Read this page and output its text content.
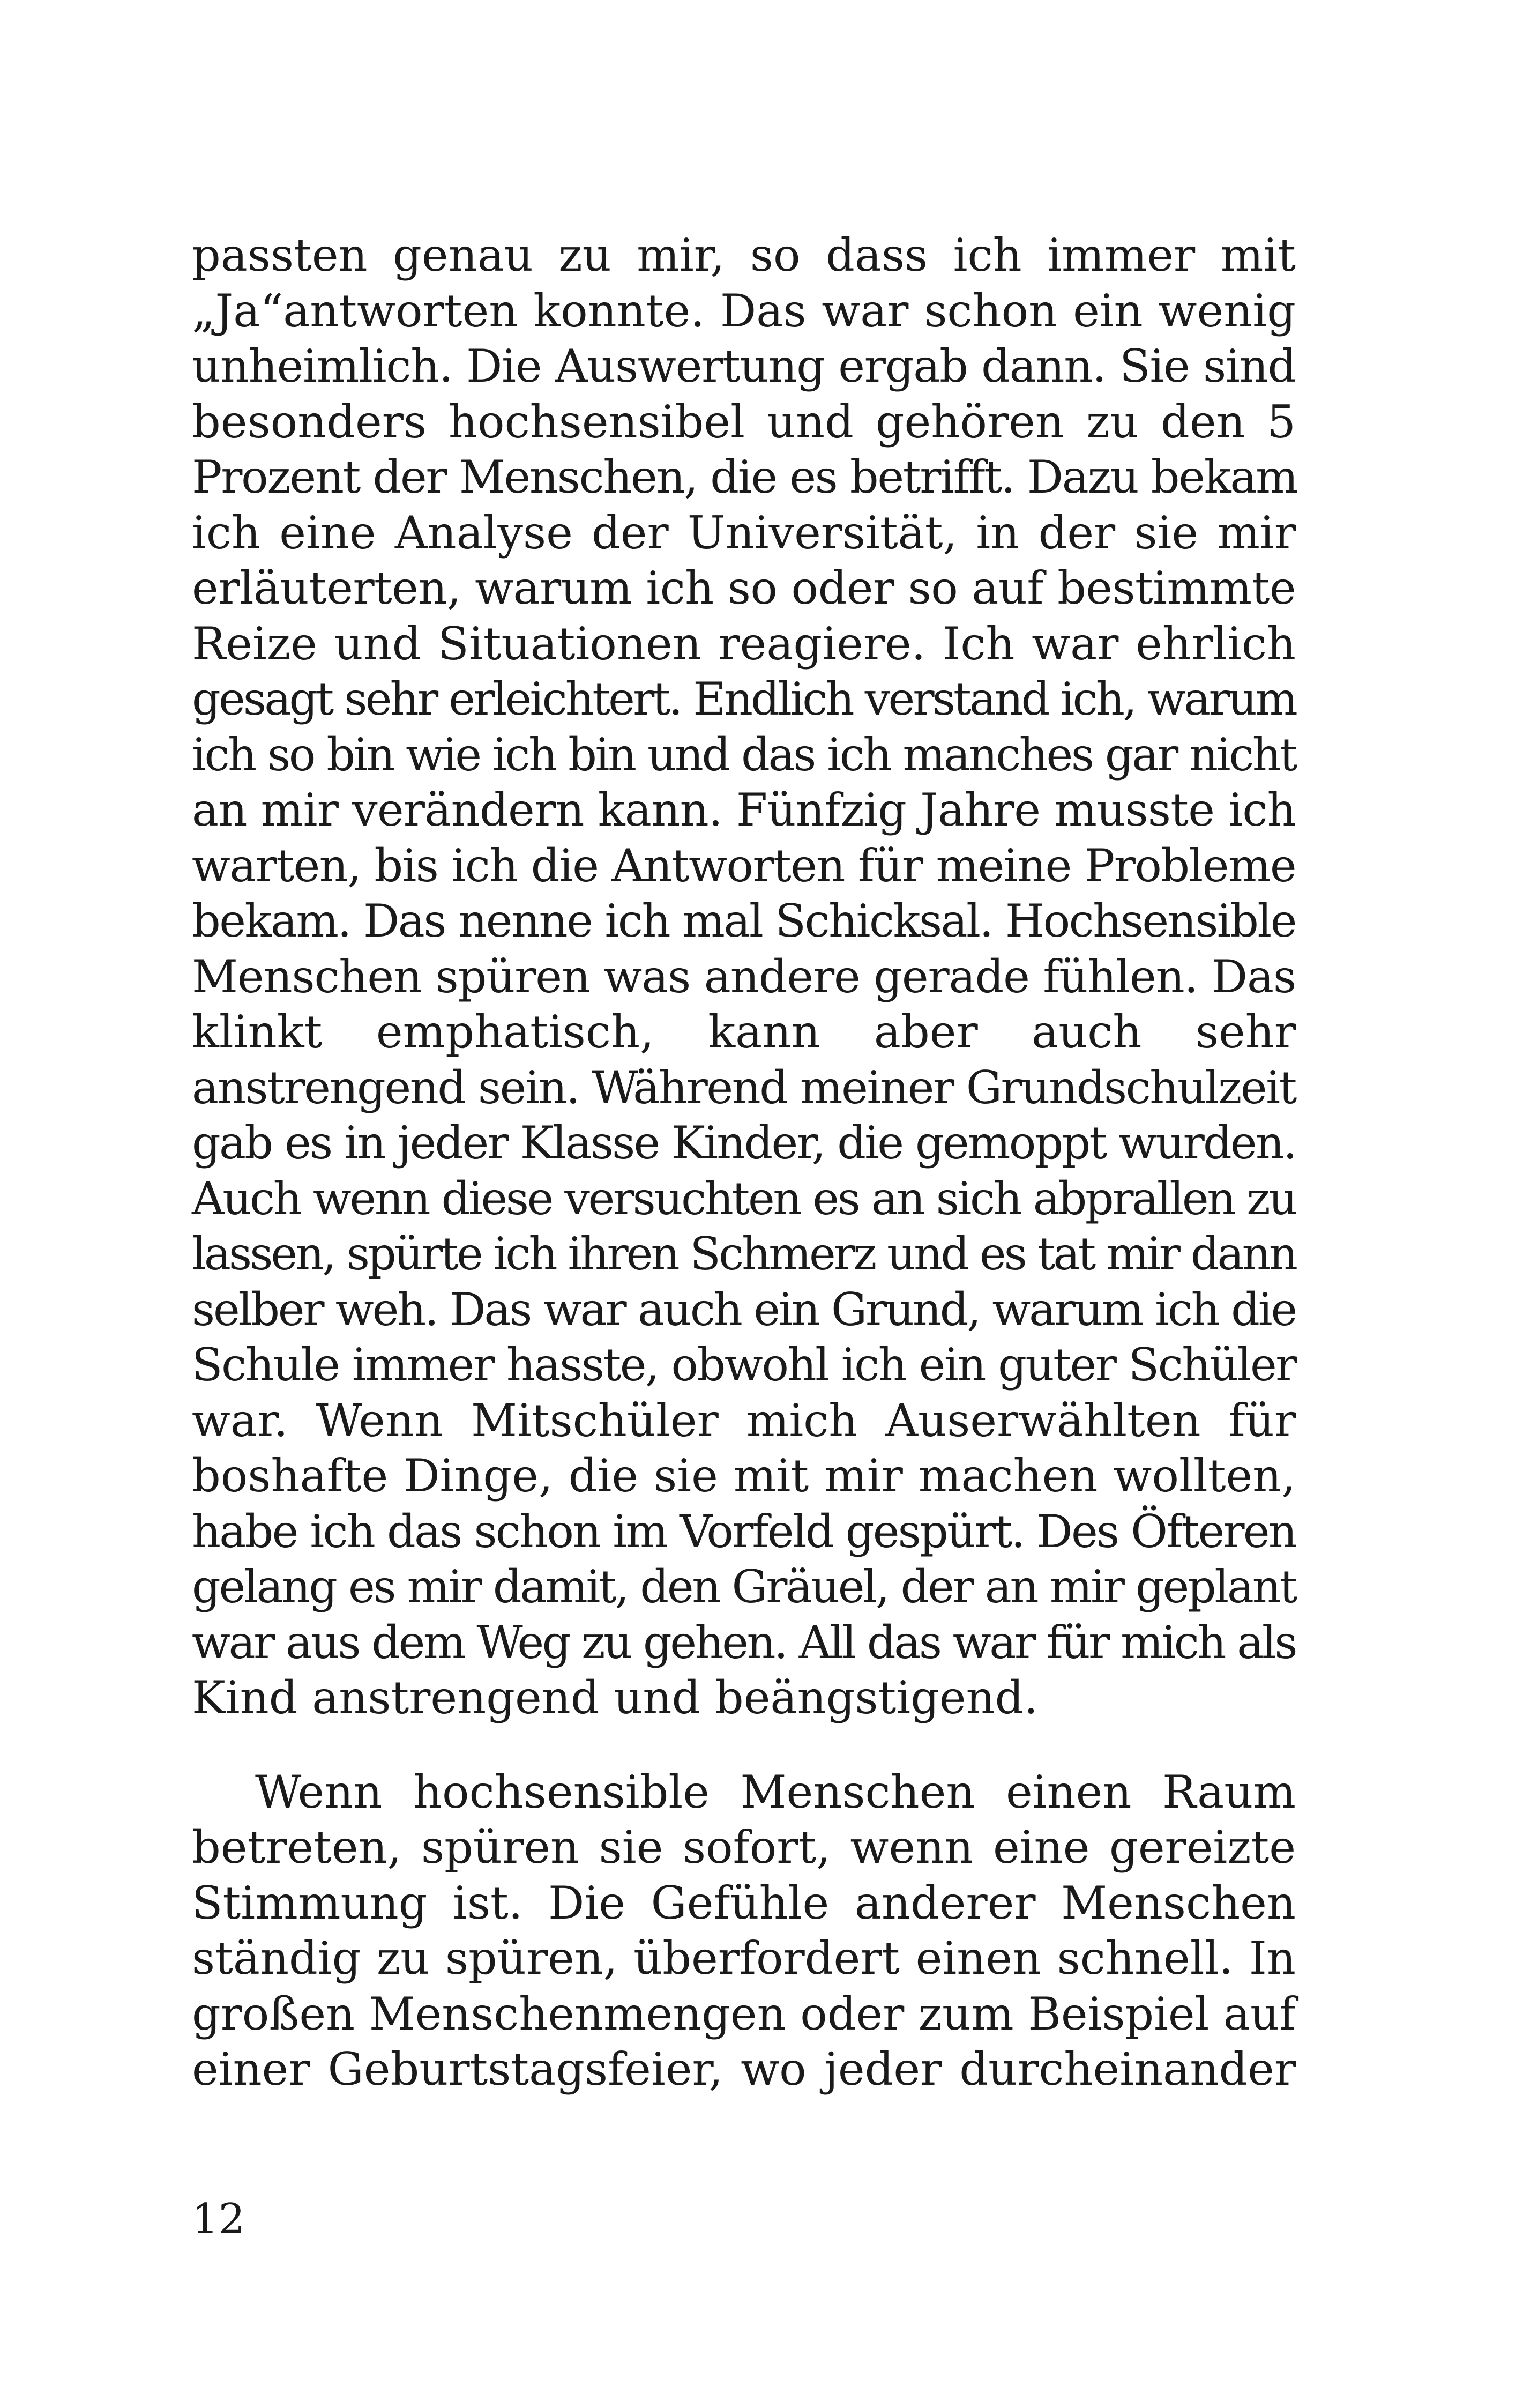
passten genau zu mir, so dass ich immer mit
„Ja“antworten konnte. Das war schon ein wenig
unheimlich. Die Auswertung ergab dann. Sie sind
besonders hochsensibel und gehören zu den 5
Prozent der Menschen, die es betrifft. Dazu bekam
ich eine Analyse der Universität, in der sie mir
erläuterten, warum ich so oder so auf bestimmte
Reize und Situationen reagiere. Ich war ehrlich
gesagt sehr erleichtert. Endlich verstand ich, warum
ich so bin wie ich bin und das ich manches gar nicht
an mir verändern kann. Fünfzig Jahre musste ich
warten, bis ich die Antworten für meine Probleme
bekam. Das nenne ich mal Schicksal. Hochsensible
Menschen spüren was andere gerade fühlen. Das
klinkt emphatisch, kann aber auch sehr
anstrengend sein. Während meiner Grundschulzeit
gab es in jeder Klasse Kinder, die gemoppt wurden.
Auch wenn diese versuchten es an sich abprallen zu
lassen, spürte ich ihren Schmerz und es tat mir dann
selber weh. Das war auch ein Grund, warum ich die
Schule immer hasste, obwohl ich ein guter Schüler
war. Wenn Mitschüler mich Auserwählten für
boshafte Dinge, die sie mit mir machen wollten,
habe ich das schon im Vorfeld gespürt. Des Öfteren
gelang es mir damit, den Gräuel, der an mir geplant
war aus dem Weg zu gehen. All das war für mich als
Kind anstrengend und beängstigend.
Wenn hochsensible Menschen einen Raum
betreten, spüren sie sofort, wenn eine gereizte
Stimmung ist. Die Gefühle anderer Menschen
ständig zu spüren, überfordert einen schnell. In
großen Menschenmengen oder zum Beispiel auf
einer Geburtstagsfeier, wo jeder durcheinander
12
